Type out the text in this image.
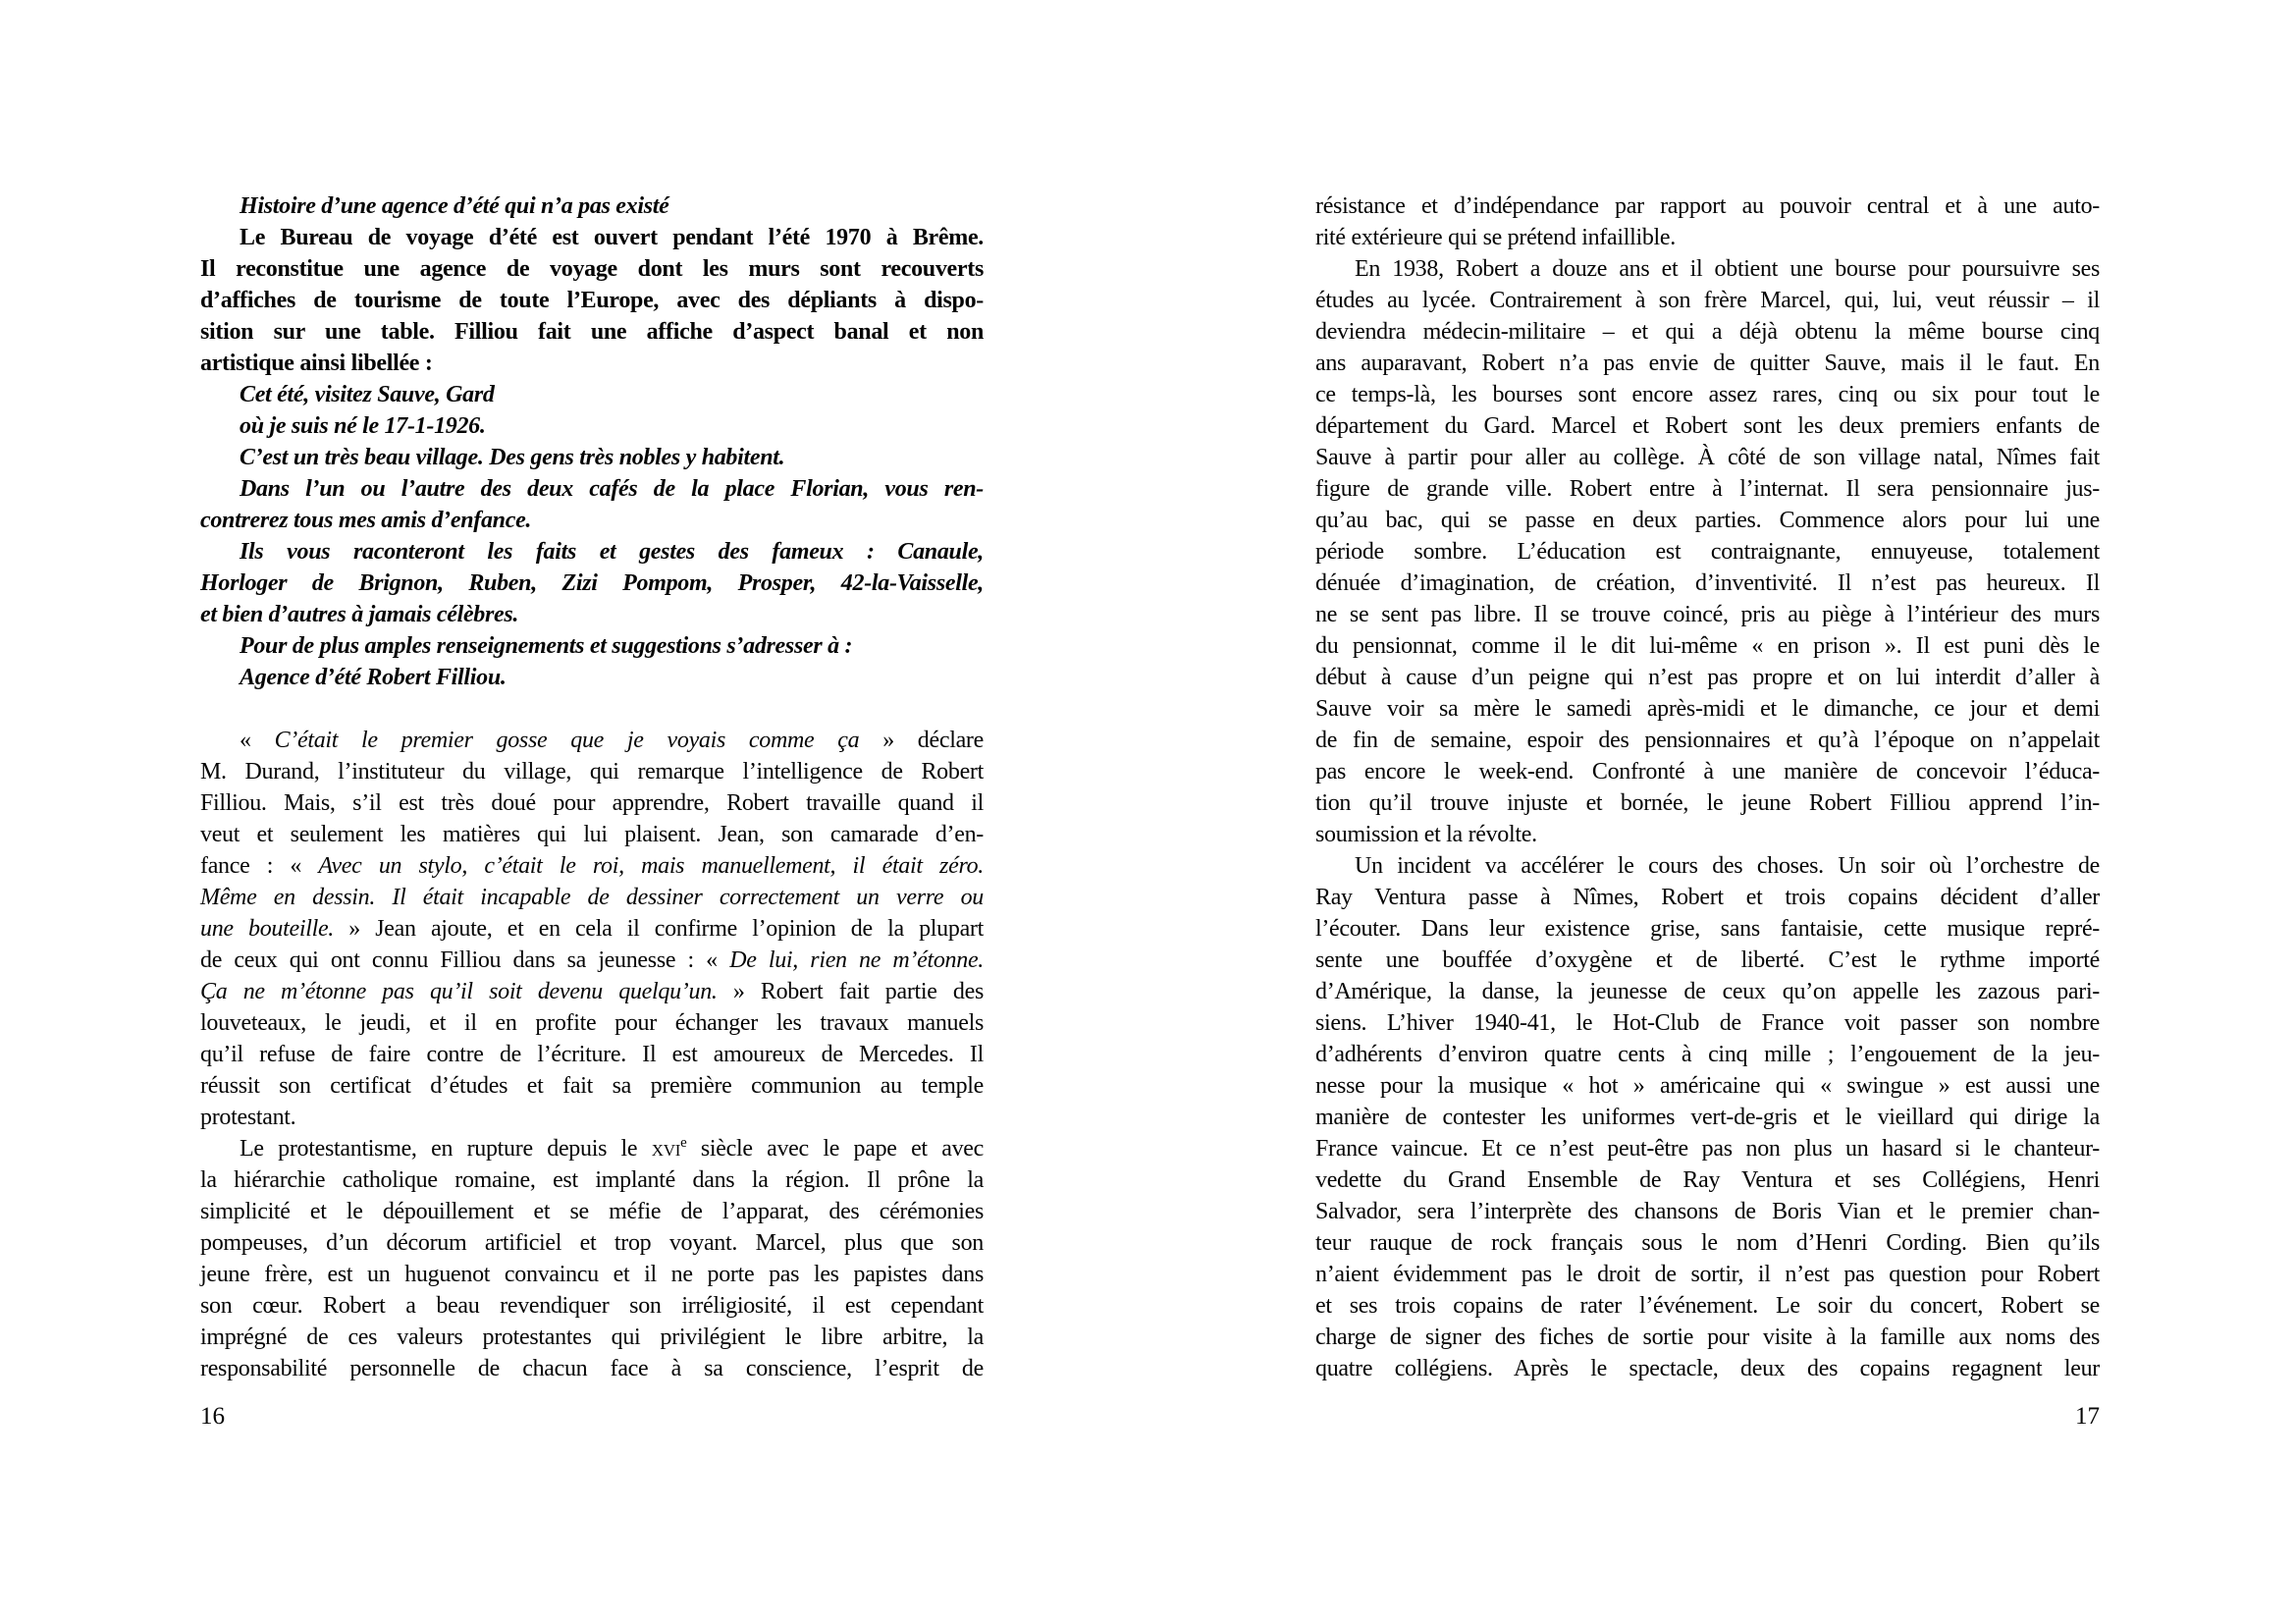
Histoire d’une agence d’été qui n’a pas existé
Le Bureau de voyage d’été est ouvert pendant l’été 1970 à Brême.
Il reconstitue une agence de voyage dont les murs sont recouverts
d’affiches de tourisme de toute l’Europe, avec des dépliants à dispo-
sition sur une table. Filliou fait une affiche d’aspect banal et non
artistique ainsi libellée :
Cet été, visitez Sauve, Gard
où je suis né le 17-1-1926.
C’est un très beau village. Des gens très nobles y habitent.
Dans l’un ou l’autre des deux cafés de la place Florian, vous ren-
contrerez tous mes amis d’enfance.
Ils vous raconteront les faits et gestes des fameux : Canaule,
Horloger de Brignon, Ruben, Zizi Pompom, Prosper, 42-la-Vaisselle,
et bien d’autres à jamais célèbres.
Pour de plus amples renseignements et suggestions s’adresser à :
Agence d’été Robert Filliou.
« C’était le premier gosse que je voyais comme ça » déclare
M. Durand, l’instituteur du village, qui remarque l’intelligence de Robert
Filliou. Mais, s’il est très doué pour apprendre, Robert travaille quand il
veut et seulement les matières qui lui plaisent. Jean, son camarade d’en-
fance : « Avec un stylo, c’était le roi, mais manuellement, il était zéro.
Même en dessin. Il était incapable de dessiner correctement un verre ou
une bouteille. » Jean ajoute, et en cela il confirme l’opinion de la plupart
de ceux qui ont connu Filliou dans sa jeunesse : « De lui, rien ne m’étonne.
Ça ne m’étonne pas qu’il soit devenu quelqu’un. » Robert fait partie des
louveteaux, le jeudi, et il en profite pour échanger les travaux manuels
qu’il refuse de faire contre de l’écriture. Il est amoureux de Mercedes. Il
réussit son certificat d’études et fait sa première communion au temple
protestant.
Le protestantisme, en rupture depuis le xvi$^e$ siècle avec le pape et avec
la hiérarchie catholique romaine, est implanté dans la région. Il prône la
simplicité et le dépouillement et se méfie de l’apparat, des cérémonies
pompeuses, d’un décorum artificiel et trop voyant. Marcel, plus que son
jeune frère, est un huguenot convaincu et il ne porte pas les papistes dans
son cœur. Robert a beau revendiquer son irréligiosité, il est cependant
imprégné de ces valeurs protestantes qui privilégient le libre arbitre, la
responsabilité personnelle de chacun face à sa conscience, l’esprit de
résistance et d’indépendance par rapport au pouvoir central et à une auto-
rité extérieure qui se prétend infaillible.
En 1938, Robert a douze ans et il obtient une bourse pour poursuivre ses
études au lycée. Contrairement à son frère Marcel, qui, lui, veut réussir – il
deviendra médecin-militaire – et qui a déjà obtenu la même bourse cinq
ans auparavant, Robert n’a pas envie de quitter Sauve, mais il le faut. En
ce temps-là, les bourses sont encore assez rares, cinq ou six pour tout le
département du Gard. Marcel et Robert sont les deux premiers enfants de
Sauve à partir pour aller au collège. À côté de son village natal, Nîmes fait
figure de grande ville. Robert entre à l’internat. Il sera pensionnaire jus-
qu’au bac, qui se passe en deux parties. Commence alors pour lui une
période sombre. L’éducation est contraignante, ennuyeuse, totalement
dénuée d’imagination, de création, d’inventivité. Il n’est pas heureux. Il
ne se sent pas libre. Il se trouve coincé, pris au piège à l’intérieur des murs
du pensionnat, comme il le dit lui-même « en prison ». Il est puni dès le
début à cause d’un peigne qui n’est pas propre et on lui interdit d’aller à
Sauve voir sa mère le samedi après-midi et le dimanche, ce jour et demi
de fin de semaine, espoir des pensionnaires et qu’à l’époque on n’appelait
pas encore le week-end. Confronté à une manière de concevoir l’éduca-
tion qu’il trouve injuste et bornée, le jeune Robert Filliou apprend l’in-
soumission et la révolte.
Un incident va accélérer le cours des choses. Un soir où l’orchestre de
Ray Ventura passe à Nîmes, Robert et trois copains décident d’aller
l’écouter. Dans leur existence grise, sans fantaisie, cette musique repré-
sente une bouffée d’oxygène et de liberté. C’est le rythme importé
d’Amérique, la danse, la jeunesse de ceux qu’on appelle les zazous pari-
siens. L’hiver 1940-41, le Hot-Club de France voit passer son nombre
d’adhérents d’environ quatre cents à cinq mille ; l’engouement de la jeu-
nesse pour la musique « hot » américaine qui « swingue » est aussi une
manière de contester les uniformes vert-de-gris et le vieillard qui dirige la
France vaincue. Et ce n’est peut-être pas non plus un hasard si le chanteur-
vedette du Grand Ensemble de Ray Ventura et ses Collégiens, Henri
Salvador, sera l’interprète des chansons de Boris Vian et le premier chan-
teur rauque de rock français sous le nom d’Henri Cording. Bien qu’ils
n’aient évidemment pas le droit de sortir, il n’est pas question pour Robert
et ses trois copains de rater l’événement. Le soir du concert, Robert se
charge de signer des fiches de sortie pour visite à la famille aux noms des
quatre collégiens. Après le spectacle, deux des copains regagnent leur
16	17
